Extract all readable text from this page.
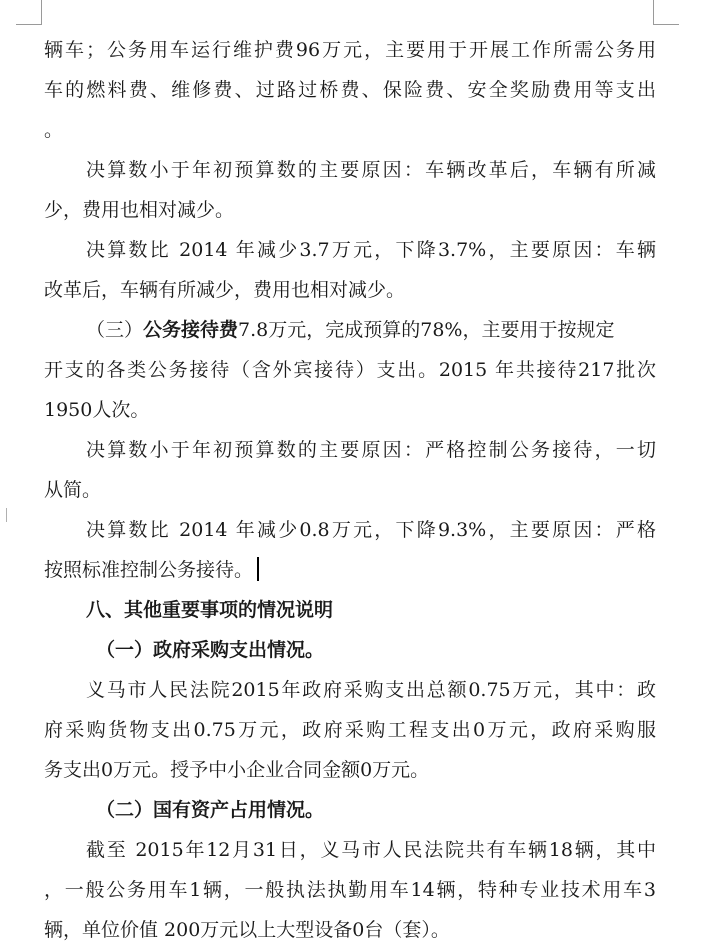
辆车；公务用车运行维护费96万元，主要用于开展工作所需公务用
车的燃料费、维修费、过路过桥费、保险费、安全奖励费用等支出
。
决算数小于年初预算数的主要原因：车辆改革后，车辆有所减
少，费用也相对减少。
决算数比 2014 年减少3.7万元，下降3.7%，主要原因：车辆
改革后，车辆有所减少，费用也相对减少。
（三）公务接待费7.8万元，完成预算的78%，主要用于按规定
开支的各类公务接待（含外宾接待）支出。2015 年共接待217批次
1950人次。
决算数小于年初预算数的主要原因：严格控制公务接待，一切
从简。
决算数比 2014 年减少0.8万元，下降9.3%，主要原因：严格
按照标准控制公务接待。
八、其他重要事项的情况说明
（一）政府采购支出情况。
义马市人民法院2015年政府采购支出总额0.75万元，其中：政
府采购货物支出0.75万元，政府采购工程支出0万元，政府采购服
务支出0万元。授予中小企业合同金额0万元。
（二）国有资产占用情况。
截至 2015年12月31日，义马市人民法院共有车辆18辆，其中
，一般公务用车1辆，一般执法执勤用车14辆，特种专业技术用车3
辆，单位价值 200万元以上大型设备0台（套）。
